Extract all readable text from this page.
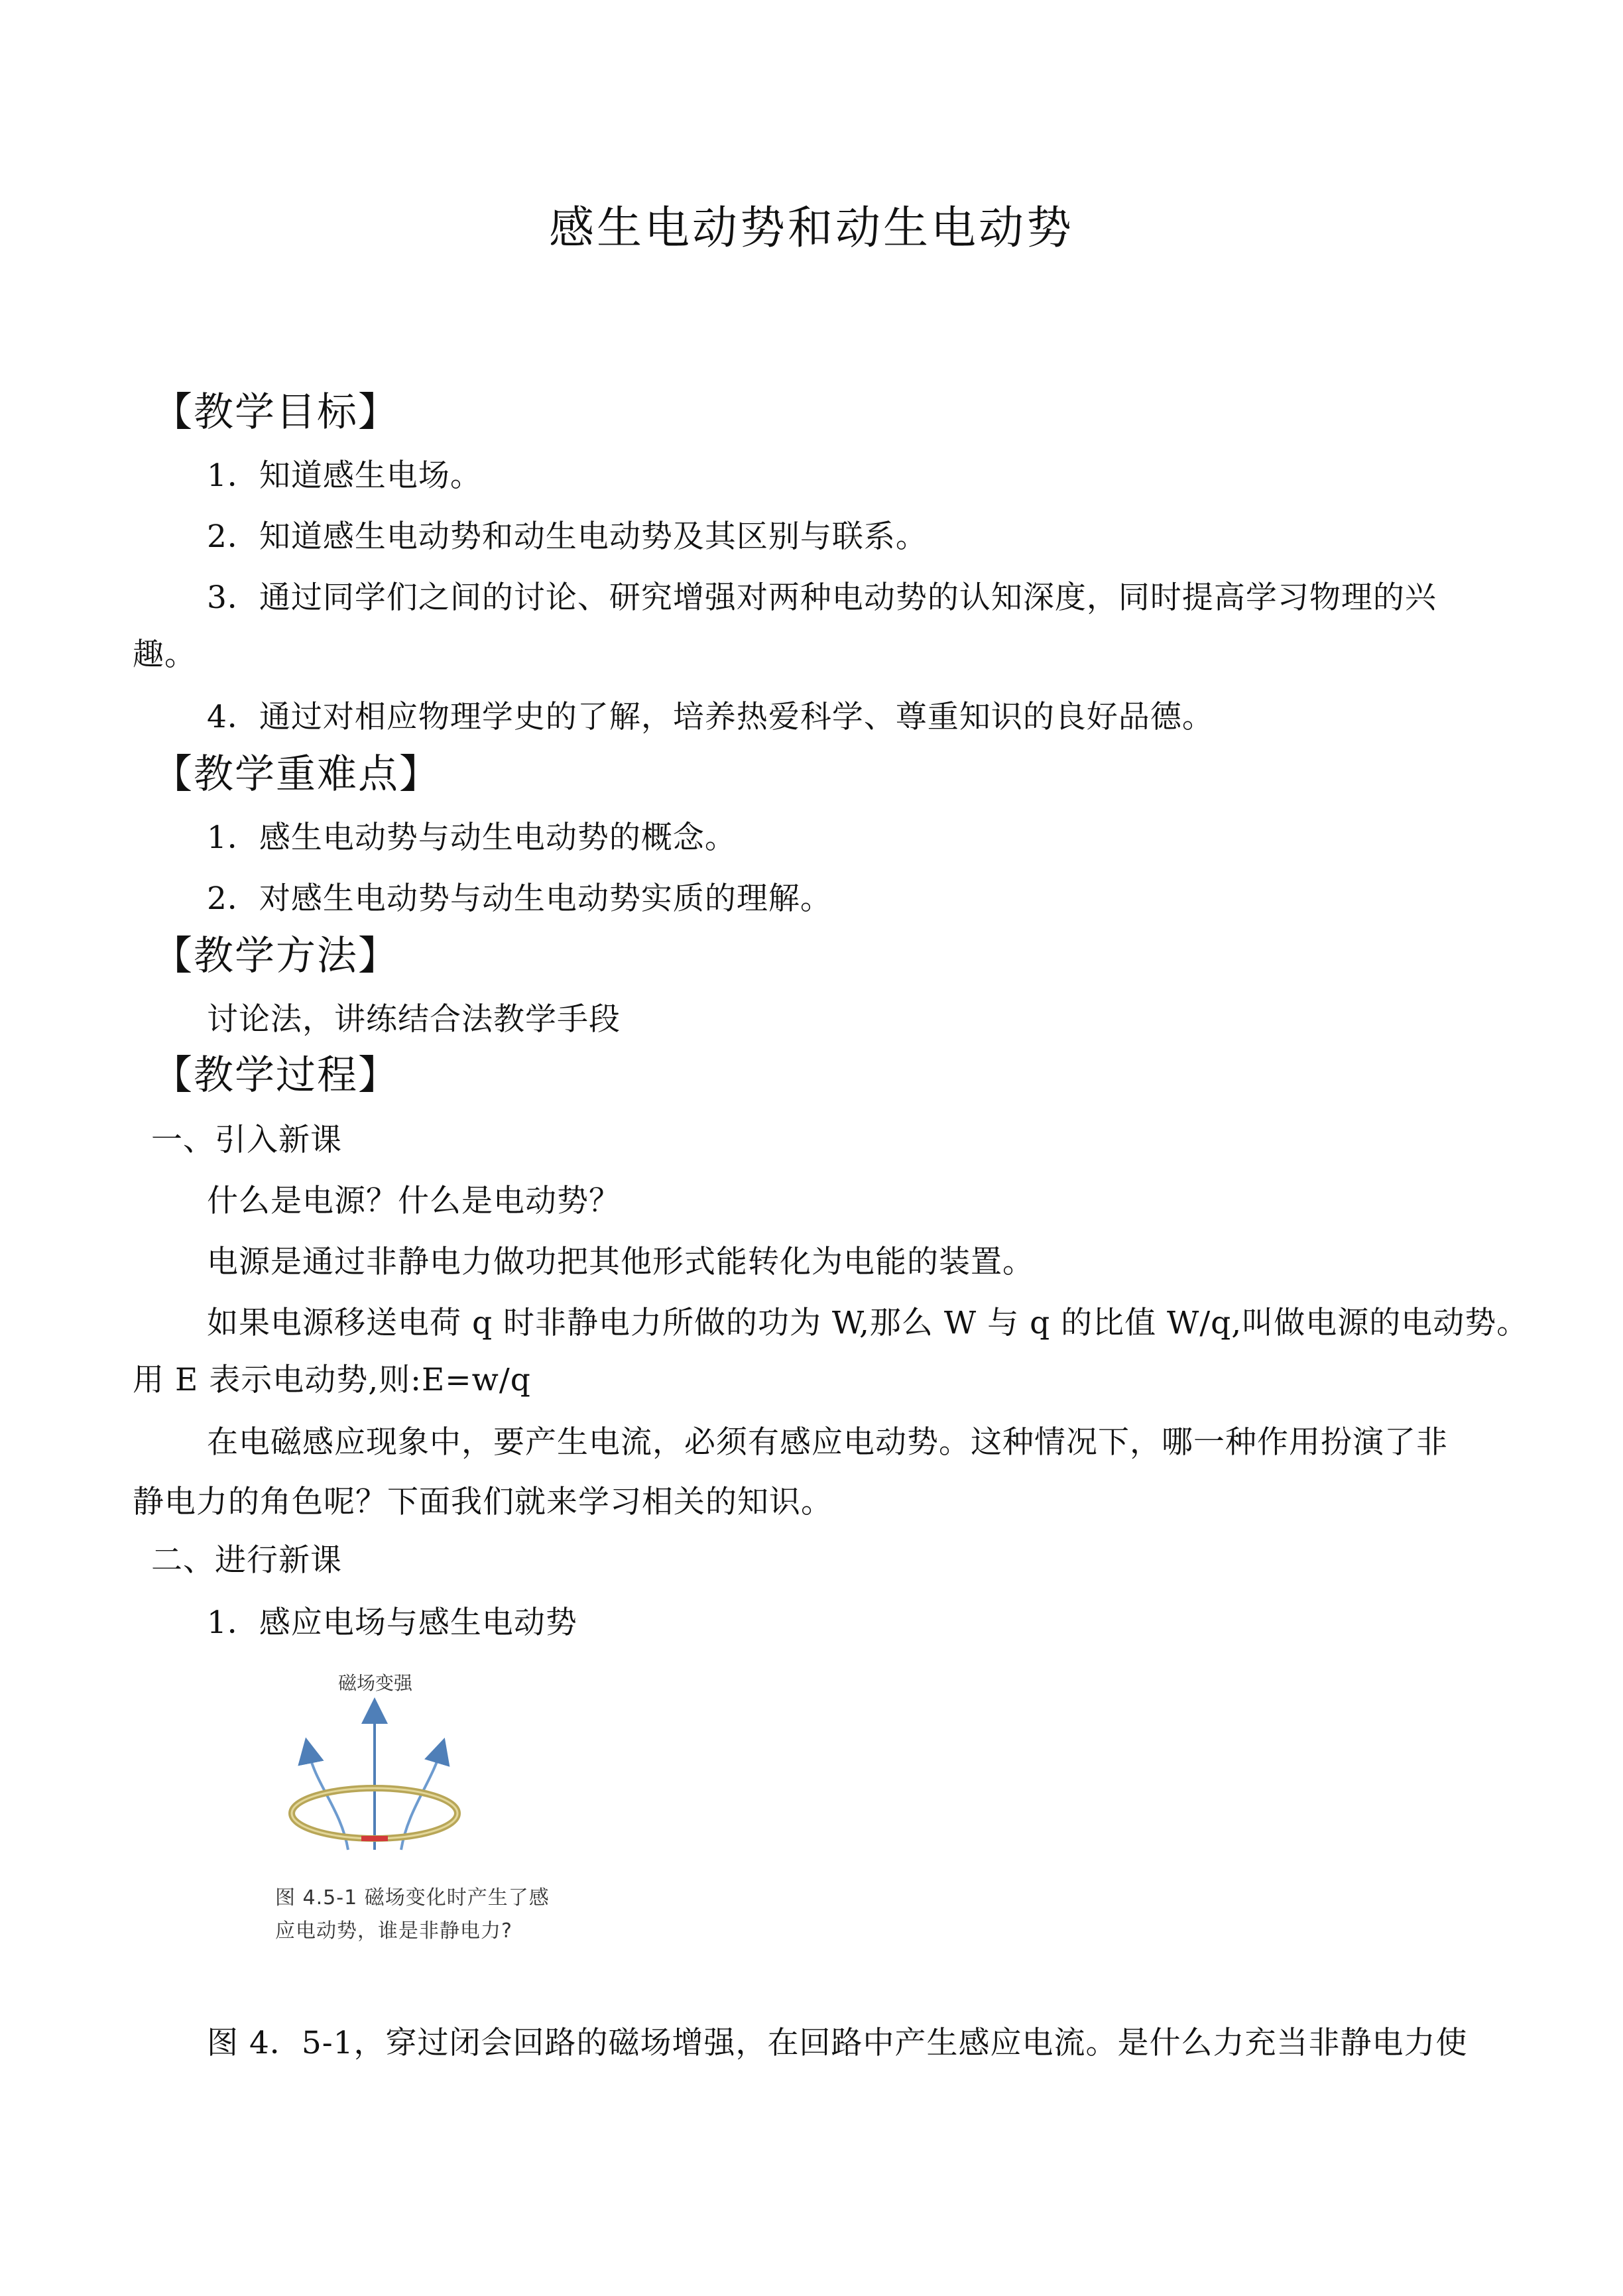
感生电动势和动生电动势
【教学目标】
1．知道感生电场。
2．知道感生电动势和动生电动势及其区别与联系。
3．通过同学们之间的讨论、研究增强对两种电动势的认知深度，同时提高学习物理的兴
趣。
4．通过对相应物理学史的了解，培养热爱科学、尊重知识的良好品德。
【教学重难点】
1．感生电动势与动生电动势的概念。
2．对感生电动势与动生电动势实质的理解。
【教学方法】
讨论法，讲练结合法教学手段
【教学过程】
一、引入新课
什么是电源？什么是电动势？
电源是通过非静电力做功把其他形式能转化为电能的装置。
如果电源移送电荷 q 时非静电力所做的功为 W,那么 W 与 q 的比值 W/q,叫做电源的电动势。
用 E 表示电动势,则:E=w/q
在电磁感应现象中，要产生电流，必须有感应电动势。这种情况下，哪一种作用扮演了非
静电力的角色呢？下面我们就来学习相关的知识。
二、进行新课
1．感应电场与感生电动势
磁场变强
图 4.5-1 磁场变化时产生了感
应电动势，谁是非静电力?
图 4．5-1，穿过闭会回路的磁场增强，在回路中产生感应电流。是什么力充当非静电力使
